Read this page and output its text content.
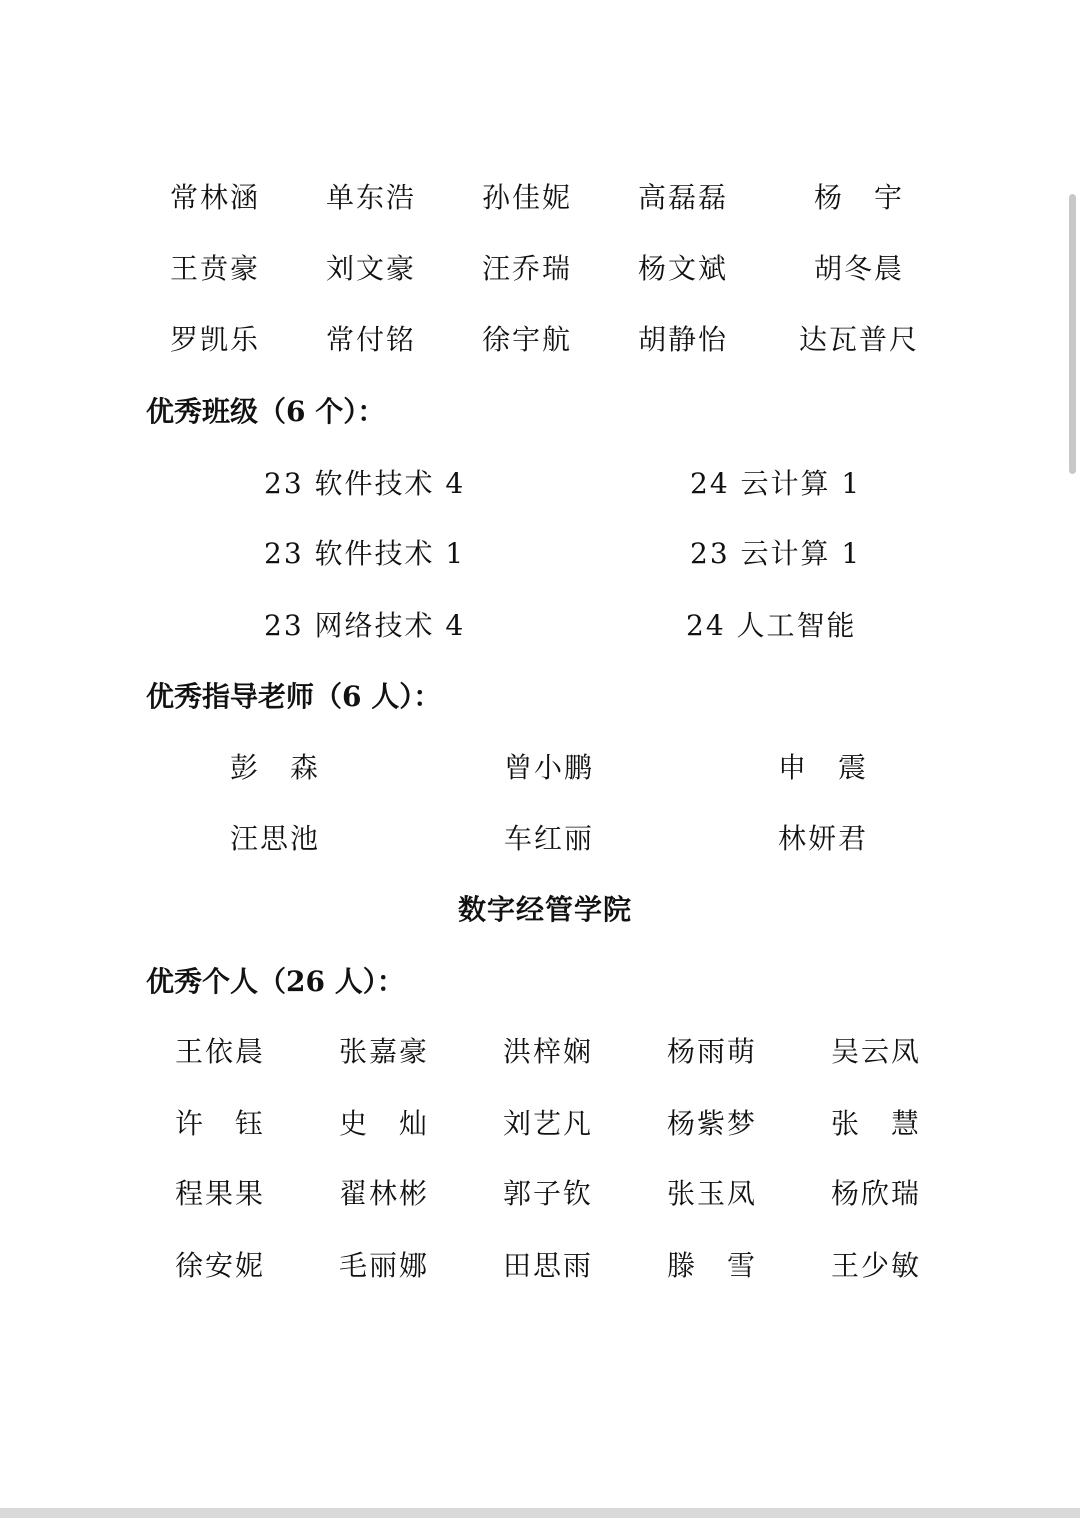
常林涵 单东浩 孙佳妮 高磊磊	杨　宇
王贲豪 刘文豪 汪乔瑞 杨文斌	胡冬晨
罗凯乐 常付铭 徐宇航 胡静怡	达瓦普尺
优秀班级（6 个）：
23 软件技术 4	24 云计算 1
23 软件技术 1	23 云计算 1
23 网络技术 4	24 人工智能
优秀指导老师（6 人）：
彭　森	曾小鹏	申　震
汪思池	车红丽	林妍君
数字经管学院
优秀个人（26 人）：
王依晨	张嘉豪	洪梓娴	杨雨萌	吴云凤
许　钰	史　灿	刘艺凡	杨紫梦	张　慧
程果果	翟林彬	郭子钦	张玉凤	杨欣瑞
徐安妮	毛丽娜	田思雨	滕　雪	王少敏
